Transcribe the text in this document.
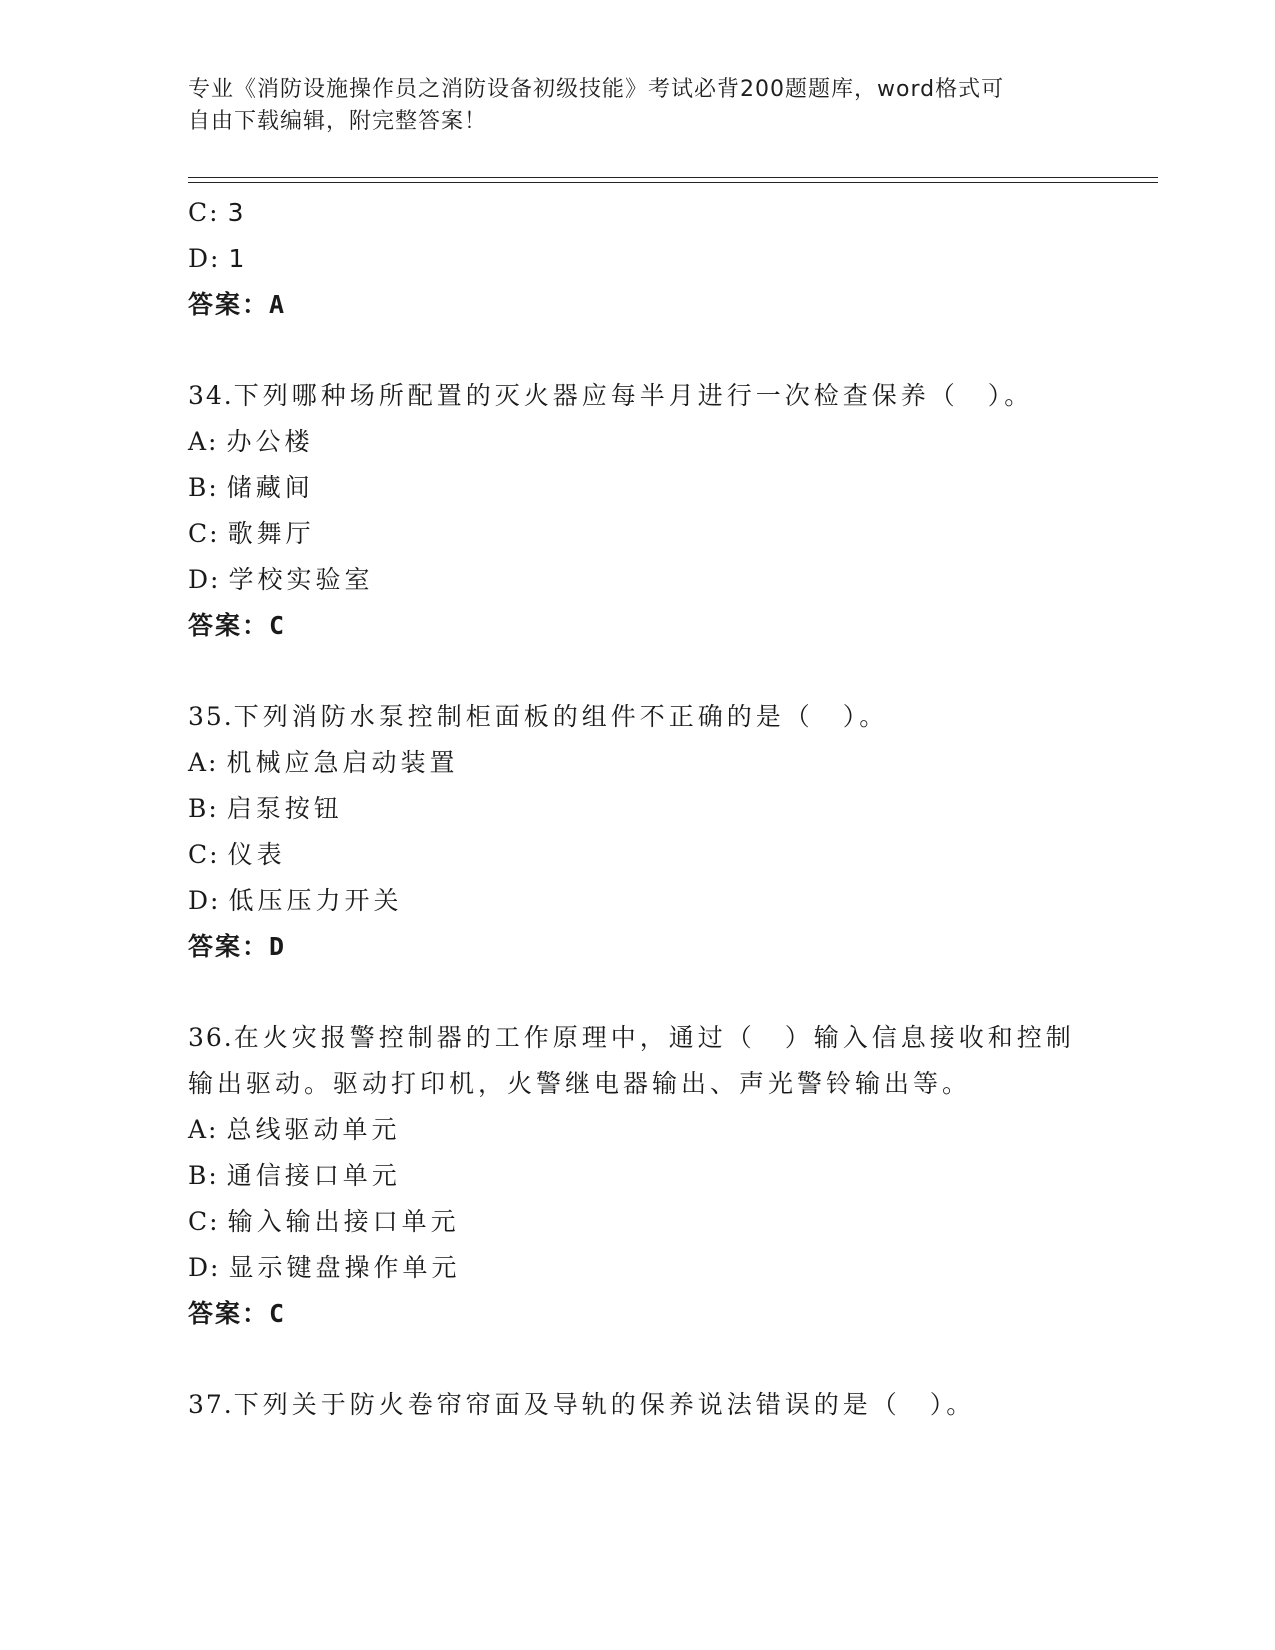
专业《消防设施操作员之消防设备初级技能》考试必背200题题库，word格式可
自由下载编辑，附完整答案！
C: 3
D: 1
答案：A
34.下列哪种场所配置的灭火器应每半月进行一次检查保养（　）。
A: 办公楼
B: 储藏间
C: 歌舞厅
D: 学校实验室
答案：C
35.下列消防水泵控制柜面板的组件不正确的是（　）。
A: 机械应急启动装置
B: 启泵按钮
C: 仪表
D: 低压压力开关
答案：D
36.在火灾报警控制器的工作原理中，通过（　）输入信息接收和控制
输出驱动。驱动打印机，火警继电器输出、声光警铃输出等。
A: 总线驱动单元
B: 通信接口单元
C: 输入输出接口单元
D: 显示键盘操作单元
答案：C
37.下列关于防火卷帘帘面及导轨的保养说法错误的是（　）。
